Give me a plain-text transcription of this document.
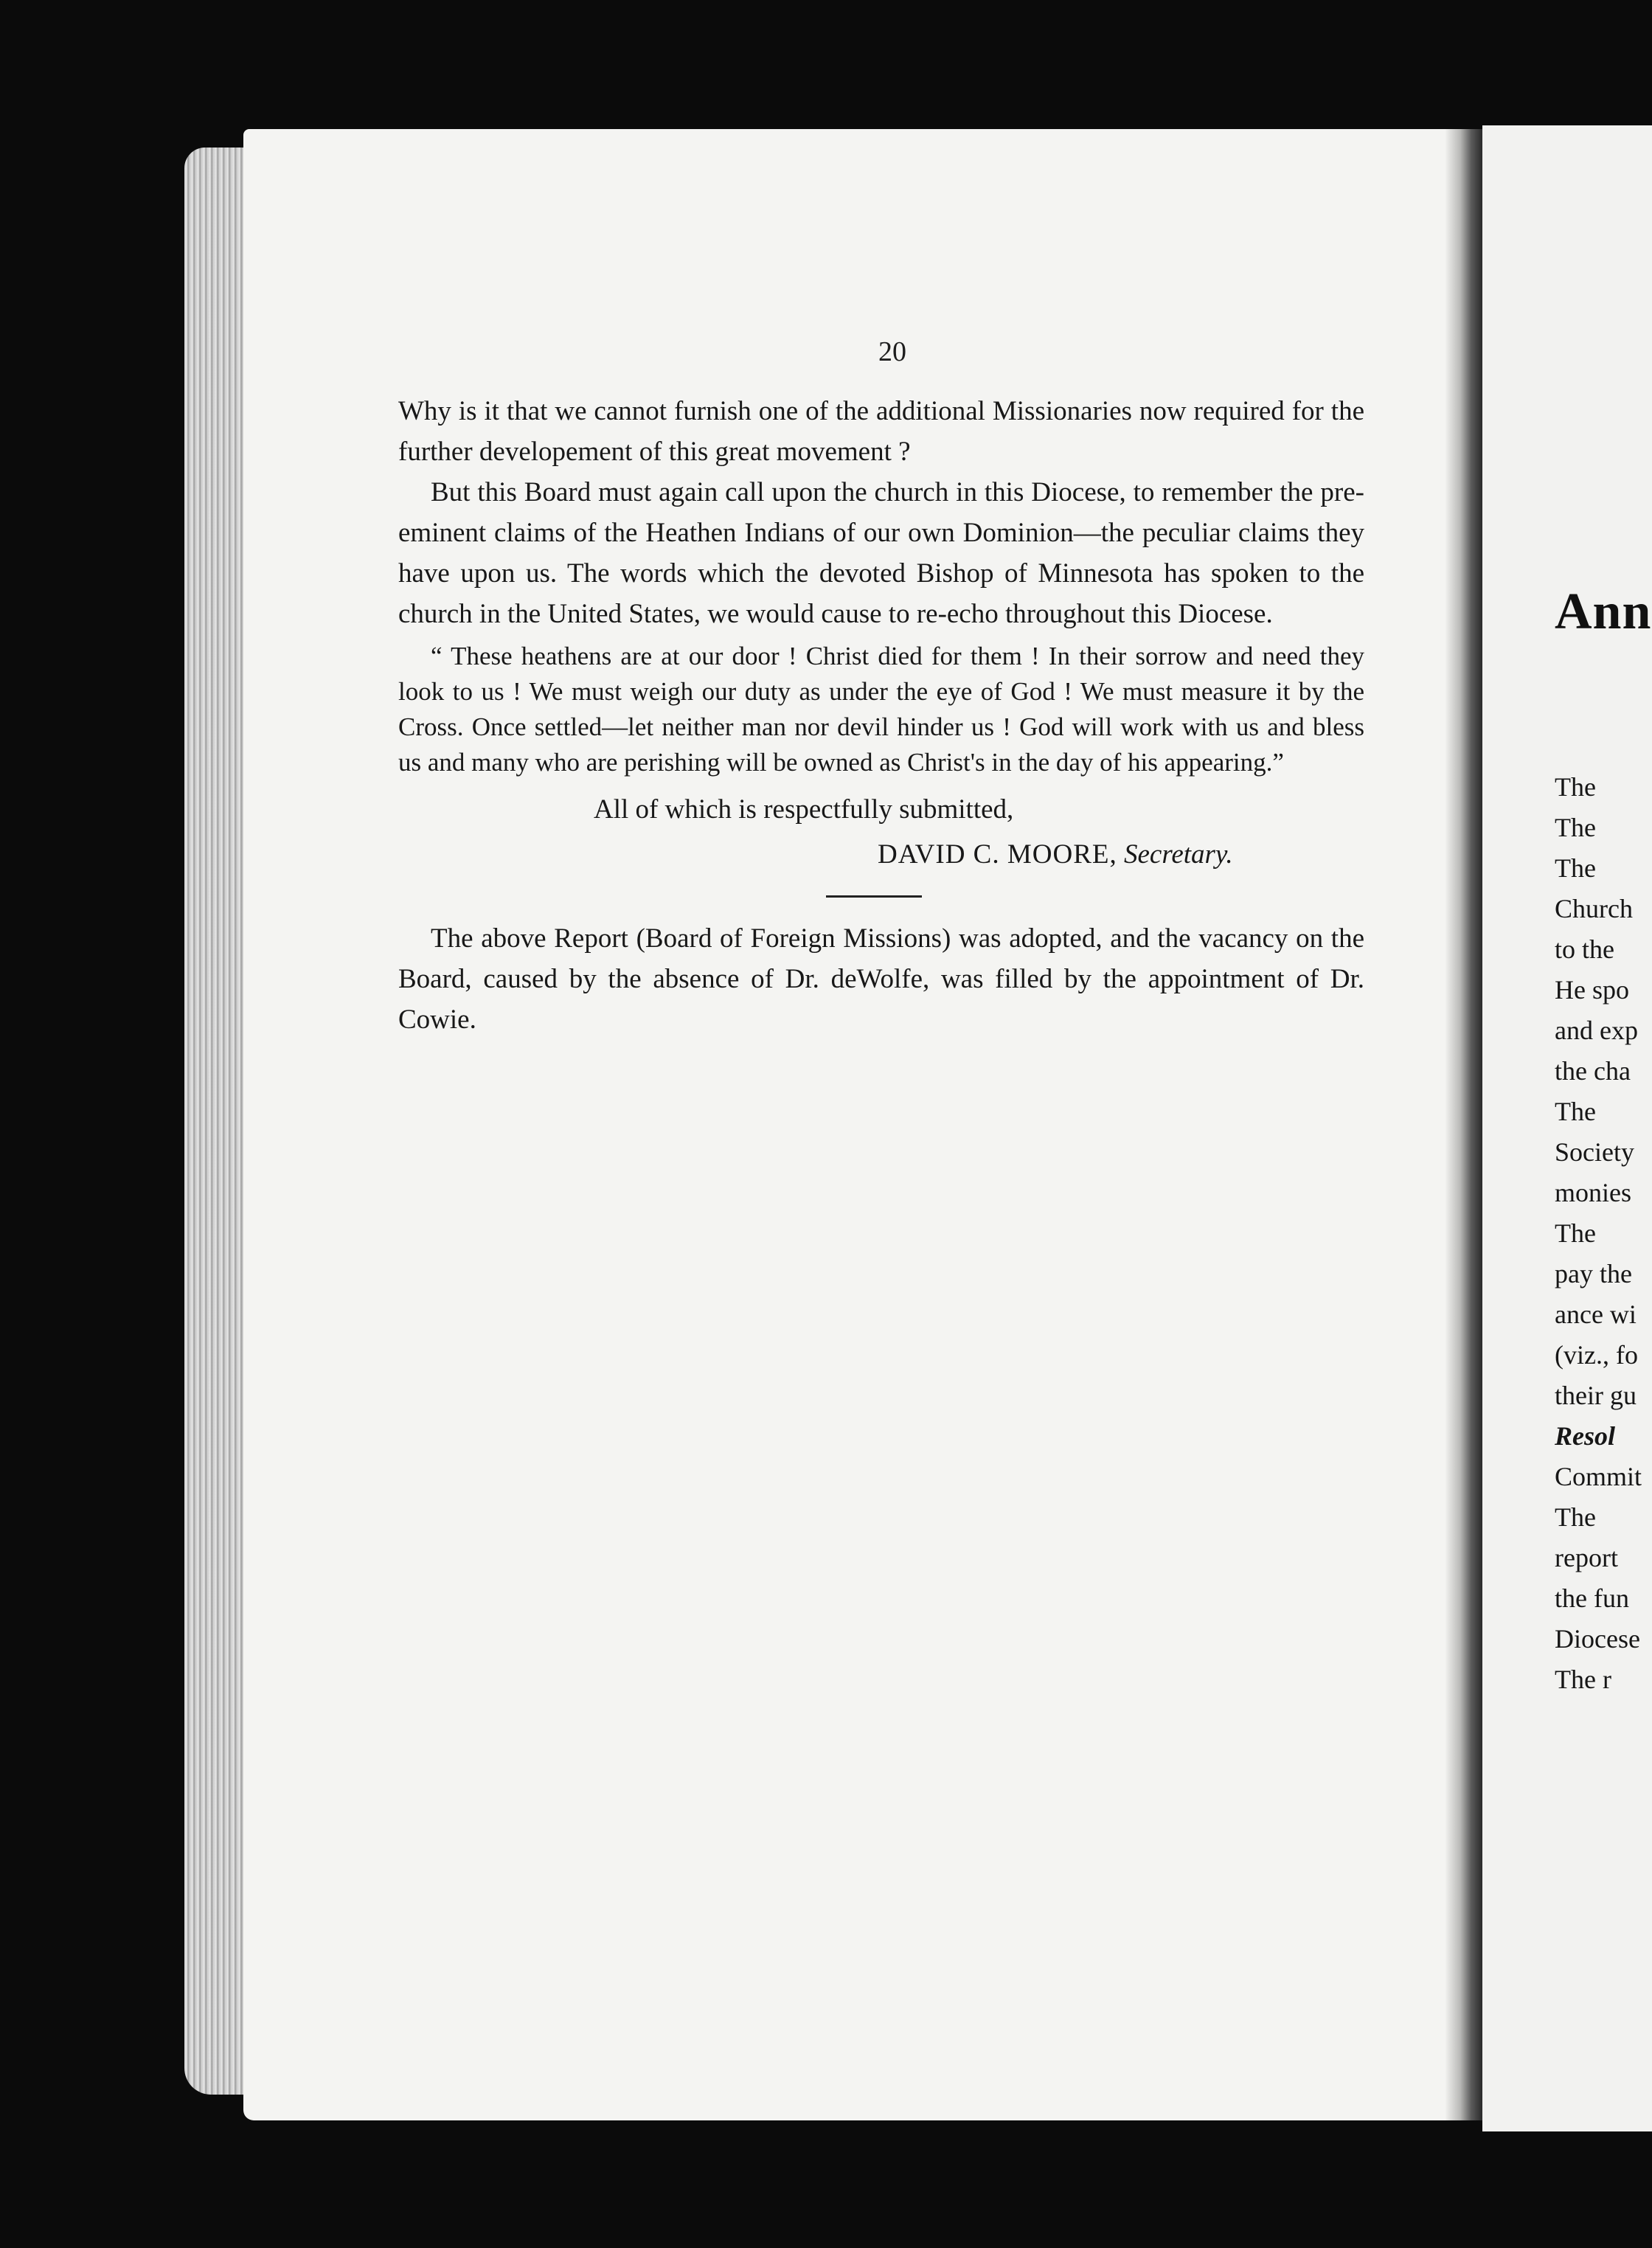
20

Why is it that we cannot furnish one of the additional Missionaries now required for the further developement of this great movement ?

But this Board must again call upon the church in this Diocese, to remember the pre-eminent claims of the Heathen Indians of our own Dominion—the peculiar claims they have upon us. The words which the devoted Bishop of Minnesota has spoken to the church in the United States, we would cause to re-echo throughout this Diocese.

“ These heathens are at our door ! Christ died for them ! In their sorrow and need they look to us ! We must weigh our duty as under the eye of God ! We must measure it by the Cross. Once settled—let neither man nor devil hinder us ! God will work with us and bless us and many who are perishing will be owned as Christ's in the day of his appearing.”

All of which is respectfully submitted,

DAVID C. MOORE, Secretary.

The above Report (Board of Foreign Missions) was adopted, and the vacancy on the Board, caused by the absence of Dr. deWolfe, was filled by the appointment of Dr. Cowie.

Ann
The
The
The
Church
to the
He spo
and exp
the cha
The
Society
monies
The
pay the
ance wi
(viz., fo
their gu
Resol
Commit
The
report
the fun
Diocese
The r
